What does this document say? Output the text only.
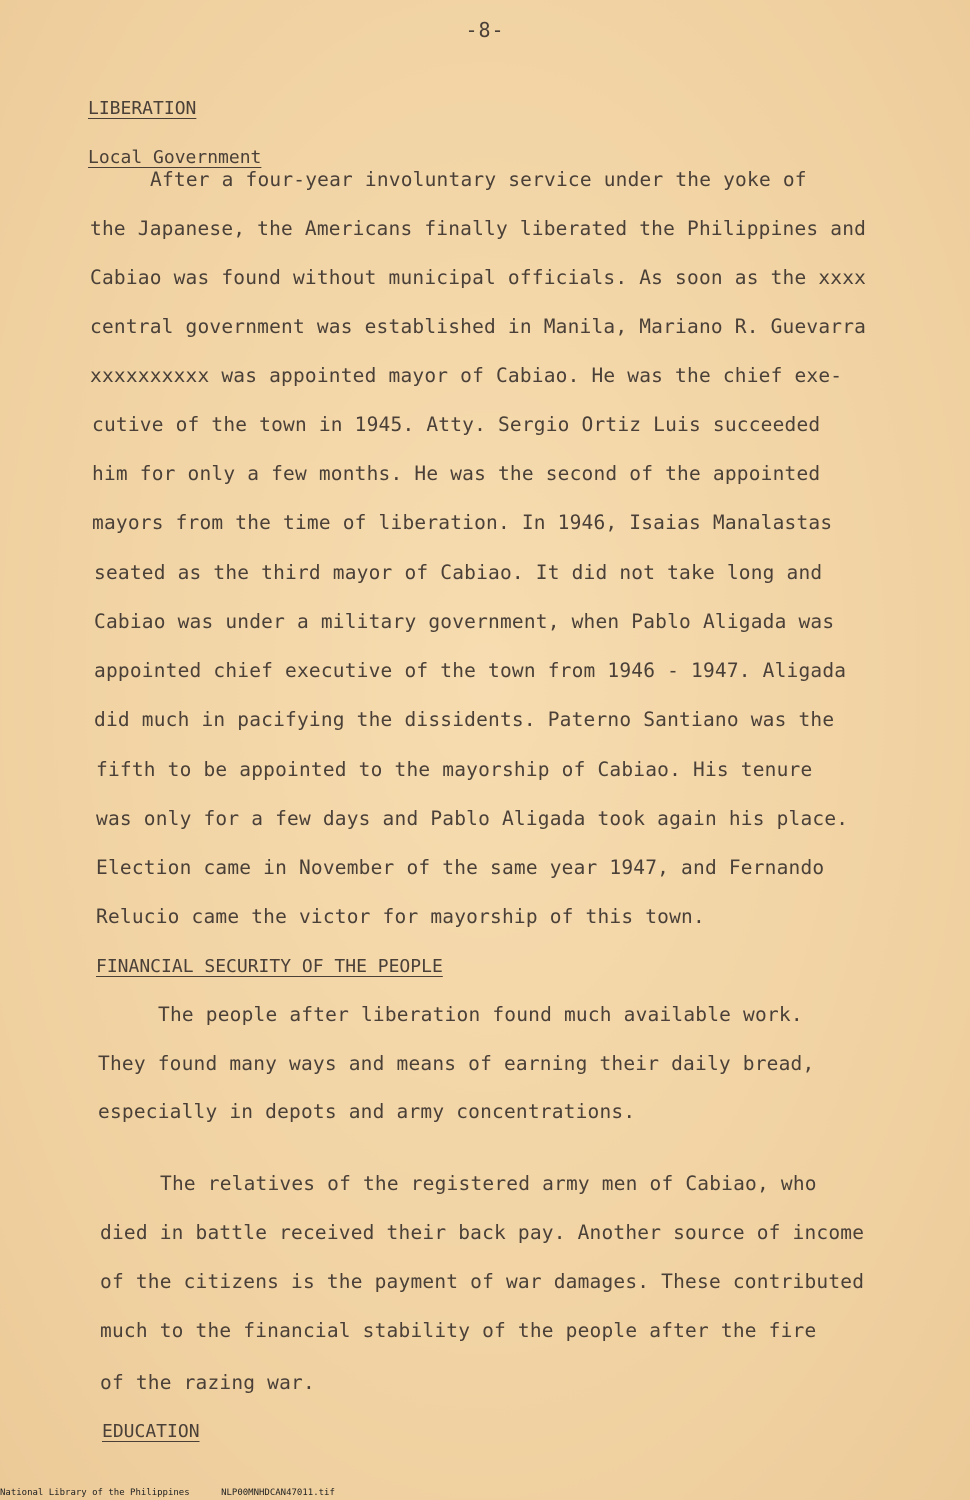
-8-
LIBERATION
Local Government
After a four-year involuntary service under the yoke of
the Japanese, the Americans finally liberated the Philippines and
Cabiao was found without municipal officials. As soon as the xxxx
central government was established in Manila, Mariano R. Guevarra
xxxxxxxxxx was appointed mayor of Cabiao. He was the chief exe-
cutive of the town in 1945. Atty. Sergio Ortiz Luis succeeded
him for only a few months. He was the second of the appointed
mayors from the time of liberation. In 1946, Isaias Manalastas
seated as the third mayor of Cabiao. It did not take long and
Cabiao was under a military government, when Pablo Aligada was
appointed chief executive of the town from 1946 - 1947. Aligada
did much in pacifying the dissidents. Paterno Santiano was the
fifth to be appointed to the mayorship of Cabiao. His tenure
was only for a few days and Pablo Aligada took again his place.
Election came in November of the same year 1947, and Fernando
Relucio came the victor for mayorship of this town.
FINANCIAL SECURITY OF THE PEOPLE
The people after liberation found much available work.
They found many ways and means of earning their daily bread,
especially in depots and army concentrations.
The relatives of the registered army men of Cabiao, who
died in battle received their back pay. Another source of income
of the citizens is the payment of war damages. These contributed
much to the financial stability of the people after the fire
of the razing war.
EDUCATION
National Library of the Philippines	NLP00MNHDCAN47011.tif
